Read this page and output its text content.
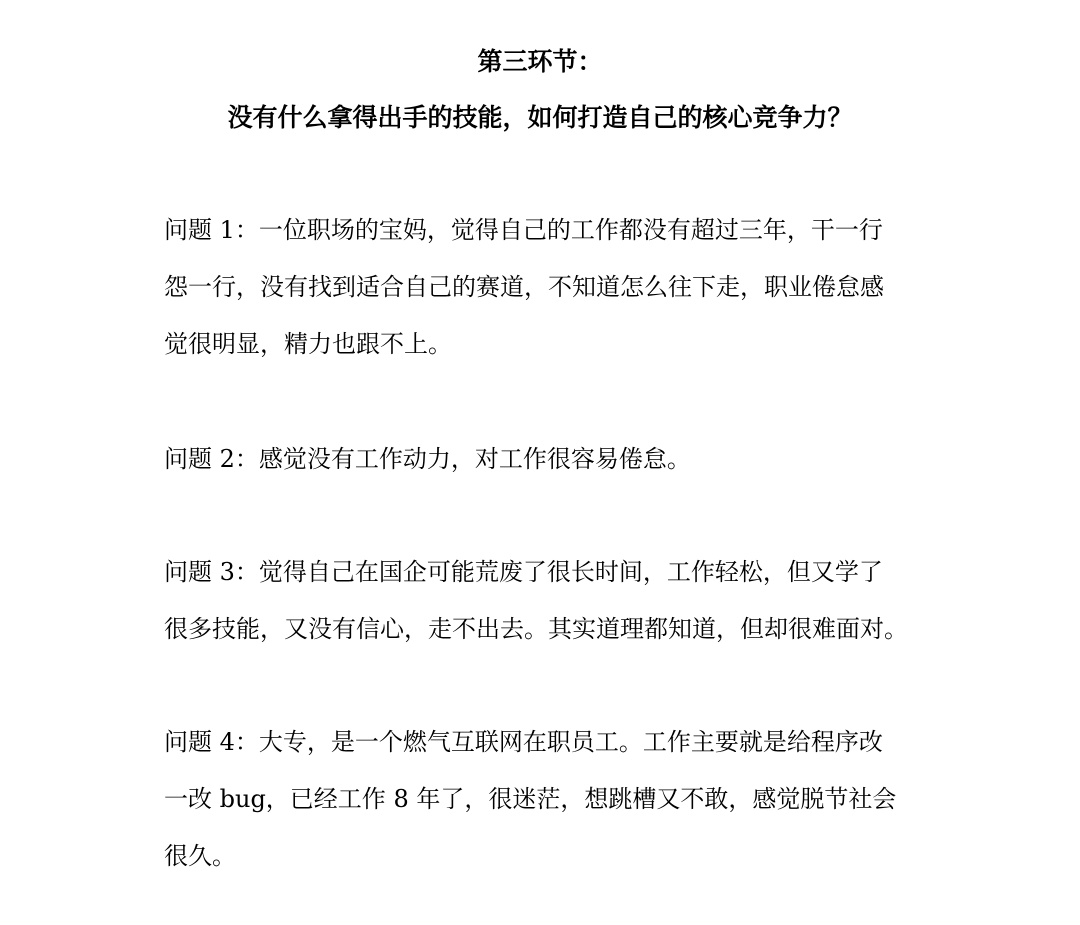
第三环节：
没有什么拿得出手的技能，如何打造自己的核心竞争力？
问题 1：一位职场的宝妈，觉得自己的工作都没有超过三年，干一行
怨一行，没有找到适合自己的赛道，不知道怎么往下走，职业倦怠感
觉很明显，精力也跟不上。
问题 2：感觉没有工作动力，对工作很容易倦怠。
问题 3：觉得自己在国企可能荒废了很长时间，工作轻松，但又学了
很多技能，又没有信心，走不出去。其实道理都知道，但却很难面对。
问题 4：大专，是一个燃气互联网在职员工。工作主要就是给程序改
一改 bug，已经工作 8 年了，很迷茫，想跳槽又不敢，感觉脱节社会
很久。
